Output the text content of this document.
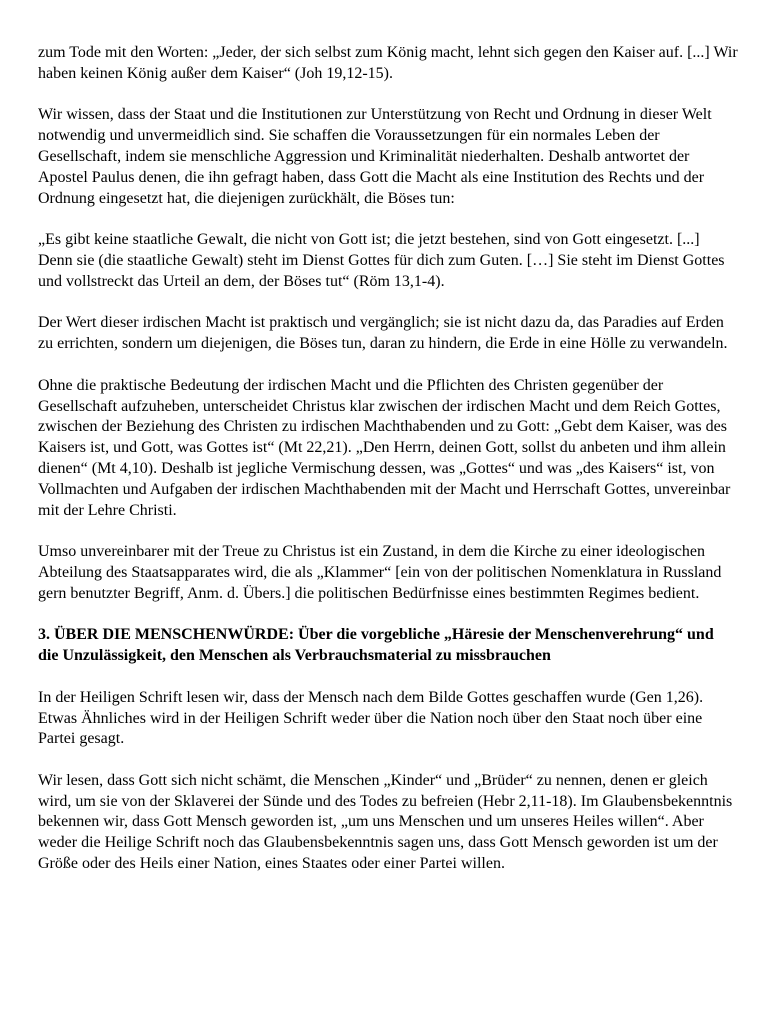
zum Tode mit den Worten: „Jeder, der sich selbst zum König macht, lehnt sich gegen den Kaiser auf. [...] Wir haben keinen König außer dem Kaiser“ (Joh 19,12-15).

Wir wissen, dass der Staat und die Institutionen zur Unterstützung von Recht und Ordnung in dieser Welt notwendig und unvermeidlich sind. Sie schaffen die Voraussetzungen für ein normales Leben der Gesellschaft, indem sie menschliche Aggression und Kriminalität niederhalten. Deshalb antwortet der Apostel Paulus denen, die ihn gefragt haben, dass Gott die Macht als eine Institution des Rechts und der Ordnung eingesetzt hat, die diejenigen zurückhält, die Böses tun:

„Es gibt keine staatliche Gewalt, die nicht von Gott ist; die jetzt bestehen, sind von Gott eingesetzt. [...] Denn sie (die staatliche Gewalt) steht im Dienst Gottes für dich zum Guten. […] Sie steht im Dienst Gottes und vollstreckt das Urteil an dem, der Böses tut“ (Röm 13,1-4).

Der Wert dieser irdischen Macht ist praktisch und vergänglich; sie ist nicht dazu da, das Paradies auf Erden zu errichten, sondern um diejenigen, die Böses tun, daran zu hindern, die Erde in eine Hölle zu verwandeln.

Ohne die praktische Bedeutung der irdischen Macht und die Pflichten des Christen gegenüber der Gesellschaft aufzuheben, unterscheidet Christus klar zwischen der irdischen Macht und dem Reich Gottes, zwischen der Beziehung des Christen zu irdischen Machthabenden und zu Gott: „Gebt dem Kaiser, was des Kaisers ist, und Gott, was Gottes ist“ (Mt 22,21). „Den Herrn, deinen Gott, sollst du anbeten und ihm allein dienen“ (Mt 4,10). Deshalb ist jegliche Vermischung dessen, was „Gottes“ und was „des Kaisers“ ist, von Vollmachten und Aufgaben der irdischen Machthabenden mit der Macht und Herrschaft Gottes, unvereinbar mit der Lehre Christi.

Umso unvereinbarer mit der Treue zu Christus ist ein Zustand, in dem die Kirche zu einer ideologischen Abteilung des Staatsapparates wird, die als „Klammer“ [ein von der politischen Nomenklatura in Russland gern benutzter Begriff, Anm. d. Übers.] die politischen Bedürfnisse eines bestimmten Regimes bedient.

3. ÜBER DIE MENSCHENWÜRDE: Über die vorgebliche „Häresie der Menschenverehrung“ und die Unzulässigkeit, den Menschen als Verbrauchsmaterial zu missbrauchen

In der Heiligen Schrift lesen wir, dass der Mensch nach dem Bilde Gottes geschaffen wurde (Gen 1,26). Etwas Ähnliches wird in der Heiligen Schrift weder über die Nation noch über den Staat noch über eine Partei gesagt.

Wir lesen, dass Gott sich nicht schämt, die Menschen „Kinder“ und „Brüder“ zu nennen, denen er gleich wird, um sie von der Sklaverei der Sünde und des Todes zu befreien (Hebr 2,11-18). Im Glaubensbekenntnis bekennen wir, dass Gott Mensch geworden ist, „um uns Menschen und um unseres Heiles willen“. Aber weder die Heilige Schrift noch das Glaubensbekenntnis sagen uns, dass Gott Mensch geworden ist um der Größe oder des Heils einer Nation, eines Staates oder einer Partei willen.
